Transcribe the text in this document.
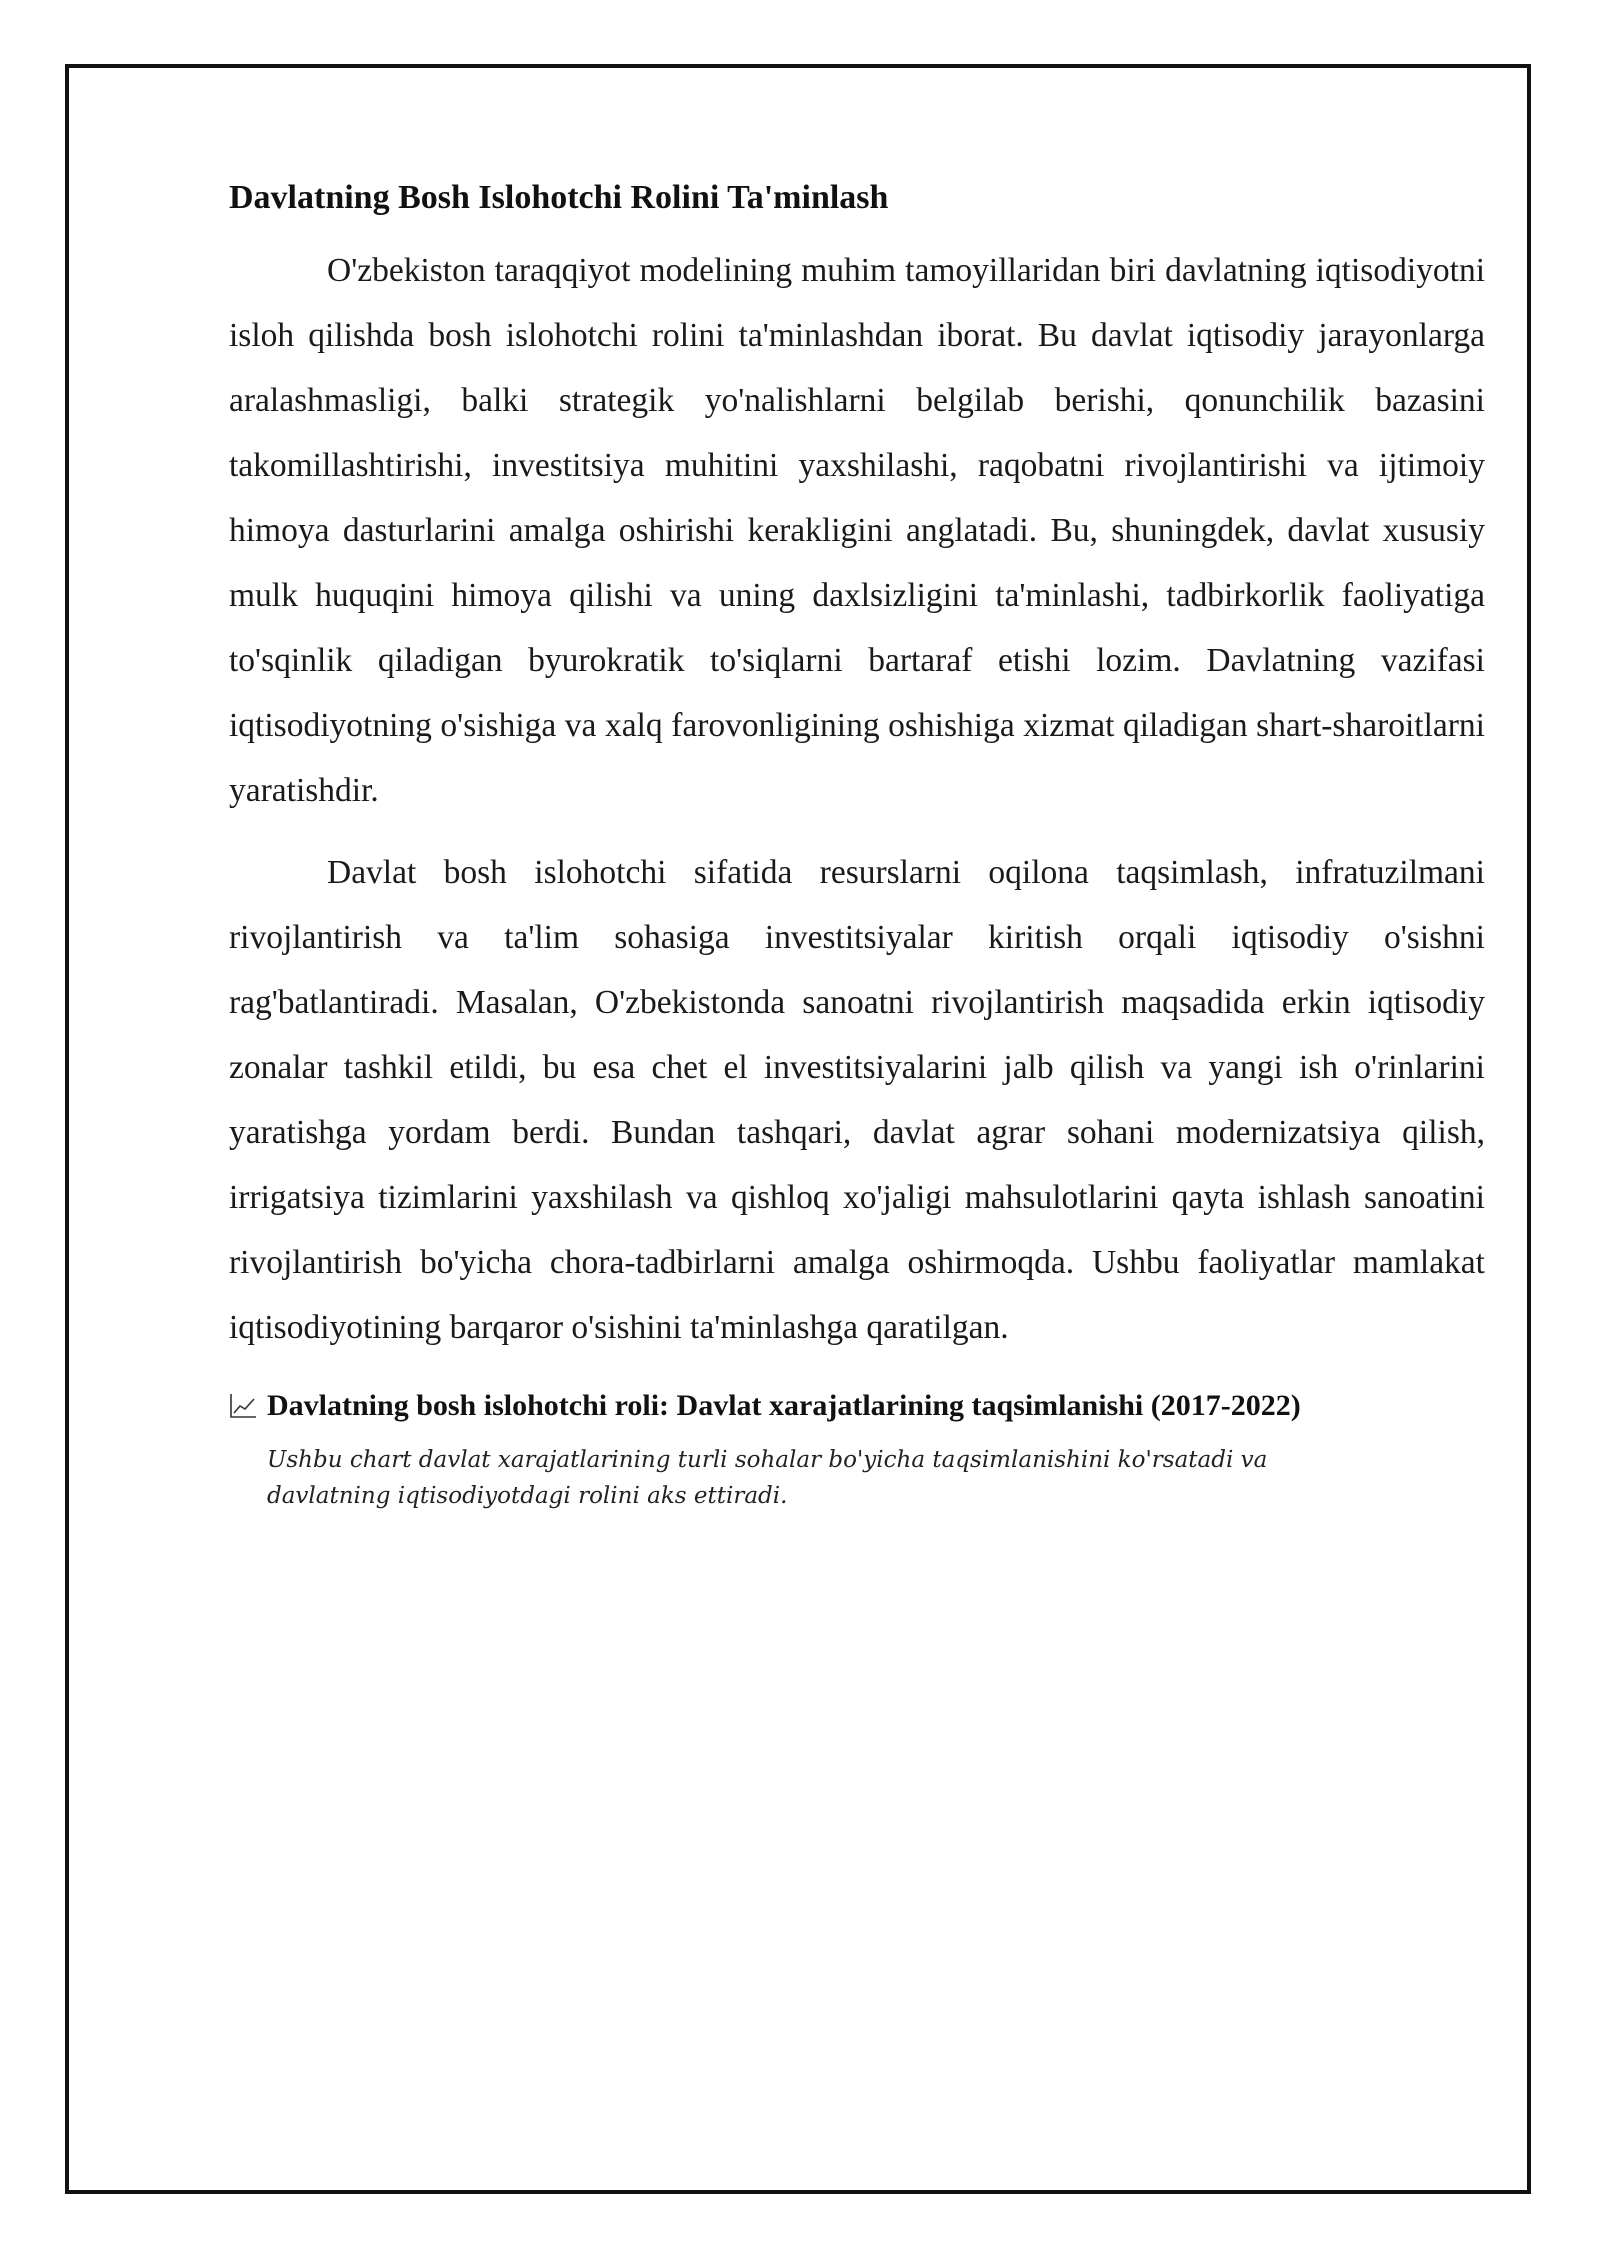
Davlatning Bosh Islohotchi Rolini Ta'minlash

O'zbekiston taraqqiyot modelining muhim tamoyillaridan biri davlatning iqtisodiyotni isloh qilishda bosh islohotchi rolini ta'minlashdan iborat. Bu davlat iqtisodiy jarayonlarga aralashmasligi, balki strategik yo'nalishlarni belgilab berishi, qonunchilik bazasini takomillashtirishi, investitsiya muhitini yaxshilashi, raqobatni rivojlantirishi va ijtimoiy himoya dasturlarini amalga oshirishi kerakligini anglatadi. Bu, shuningdek, davlat xususiy mulk huquqini himoya qilishi va uning daxlsizligini ta'minlashi, tadbirkorlik faoliyatiga to'sqinlik qiladigan byurokratik to'siqlarni bartaraf etishi lozim. Davlatning vazifasi iqtisodiyotning o'sishiga va xalq farovonligining oshishiga xizmat qiladigan shart-sharoitlarni yaratishdir.

Davlat bosh islohotchi sifatida resurslarni oqilona taqsimlash, infratuzilmani rivojlantirish va ta'lim sohasiga investitsiyalar kiritish orqali iqtisodiy o'sishni rag'batlantiradi. Masalan, O'zbekistonda sanoatni rivojlantirish maqsadida erkin iqtisodiy zonalar tashkil etildi, bu esa chet el investitsiyalarini jalb qilish va yangi ish o'rinlarini yaratishga yordam berdi. Bundan tashqari, davlat agrar sohani modernizatsiya qilish, irrigatsiya tizimlarini yaxshilash va qishloq xo'jaligi mahsulotlarini qayta ishlash sanoatini rivojlantirish bo'yicha chora-tadbirlarni amalga oshirmoqda. Ushbu faoliyatlar mamlakat iqtisodiyotining barqaror o'sishini ta'minlashga qaratilgan.

Davlatning bosh islohotchi roli: Davlat xarajatlarining taqsimlanishi (2017-2022)
Ushbu chart davlat xarajatlarining turli sohalar bo'yicha taqsimlanishini ko'rsatadi va davlatning iqtisodiyotdagi rolini aks ettiradi.
